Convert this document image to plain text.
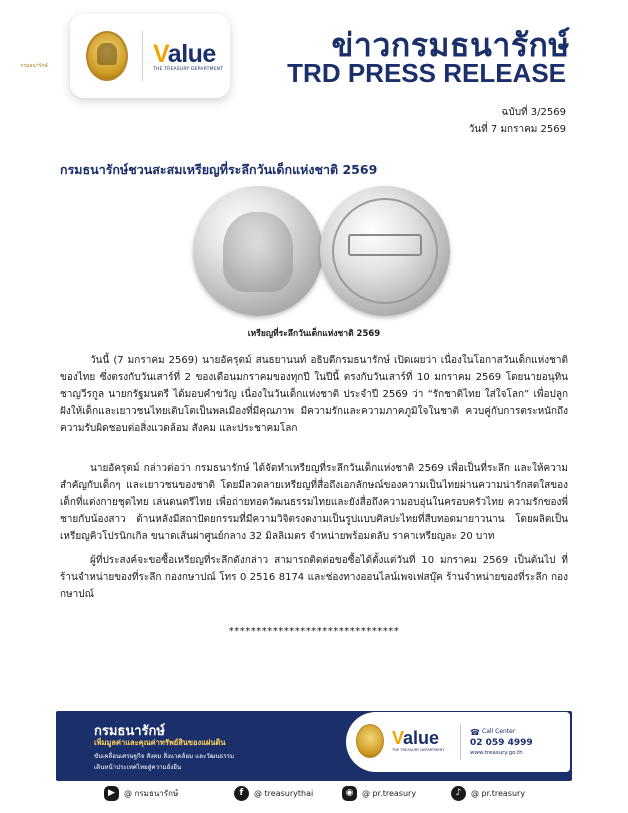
Value
THE TREASURY DEPARTMENT
กรมธนารักษ์
ข่าวกรมธนารักษ์
TRD PRESS RELEASE
ฉบับที่ 3/2569
วันที่ 7 มกราคม 2569
กรมธนารักษ์ชวนสะสมเหรียญที่ระลึกวันเด็กแห่งชาติ 2569
เหรียญที่ระลึกวันเด็กแห่งชาติ 2569

วันนี้ (7 มกราคม 2569) นายอัครุตม์ สนธยานนท์ อธิบดีกรมธนารักษ์ เปิดเผยว่า เนื่องในโอกาสวันเด็กแห่งชาติของไทย ซึ่งตรงกับวันเสาร์ที่ 2 ของเดือนมกราคมของทุกปี ในปีนี้ ตรงกับวันเสาร์ที่ 10 มกราคม 2569 โดยนายอนุทิน ชาญวีรกูล นายกรัฐมนตรี ได้มอบคำขวัญ เนื่องในวันเด็กแห่งชาติ ประจำปี 2569 ว่า “รักชาติไทย ใส่ใจโลก” เพื่อปลูกฝังให้เด็กและเยาวชนไทยเติบโตเป็นพลเมืองที่มีคุณภาพ มีความรักและความภาคภูมิใจในชาติ ควบคู่กับการตระหนักถึงความรับผิดชอบต่อสิ่งแวดล้อม สังคม และประชาคมโลก

นายอัครุตม์ กล่าวต่อว่า กรมธนารักษ์ ได้จัดทำเหรียญที่ระลึกวันเด็กแห่งชาติ 2569 เพื่อเป็นที่ระลึก และให้ความสำคัญกับเด็กๆ และเยาวชนของชาติ โดยมีลวดลายเหรียญที่สื่อถึงเอกลักษณ์ของความเป็นไทยผ่านความน่ารักสดใสของเด็กที่แต่งกายชุดไทย เล่นดนตรีไทย เพื่อถ่ายทอดวัฒนธรรมไทยและยังสื่อถึงความอบอุ่นในครอบครัวไทย ความรักของพี่ชายกับน้องสาว ด้านหลังมีสถาปัตยกรรมที่มีความวิจิตรงดงามเป็นรูปแบบศิลปะไทยที่สืบทอดมายาวนาน โดยผลิตเป็นเหรียญคิวโปรนิกเกิล ขนาดเส้นผ่าศูนย์กลาง 32 มิลลิเมตร จำหน่ายพร้อมตลับ ราคาเหรียญละ 20 บาท

ผู้ที่ประสงค์จะขอซื้อเหรียญที่ระลึกดังกล่าว สามารถติดต่อขอซื้อได้ตั้งแต่วันที่ 10 มกราคม 2569 เป็นต้นไป ที่ร้านจำหน่ายของที่ระลึก กองกษาปณ์ โทร 0 2516 8174 และช่องทางออนไลน์เพจเฟสบุ๊ค ร้านจำหน่ายของที่ระลึก กองกษาปณ์

*******************************
กรมธนารักษ์
เพิ่มมูลค่าและคุณค่าทรัพย์สินของแผ่นดิน
ขับเคลื่อนเศรษฐกิจ สังคม สิ่งแวดล้อม และวัฒนธรรม
เดินหน้าประเทศไทยสู่ความยั่งยืน
Value
THE TREASURY DEPARTMENT
☎ Call Center
02 059 4999
www.treasury.go.th
▶	@ กรมธนารักษ์	f	@ treasurythai	◉	@ pr.treasury	♪	@ pr.treasury
